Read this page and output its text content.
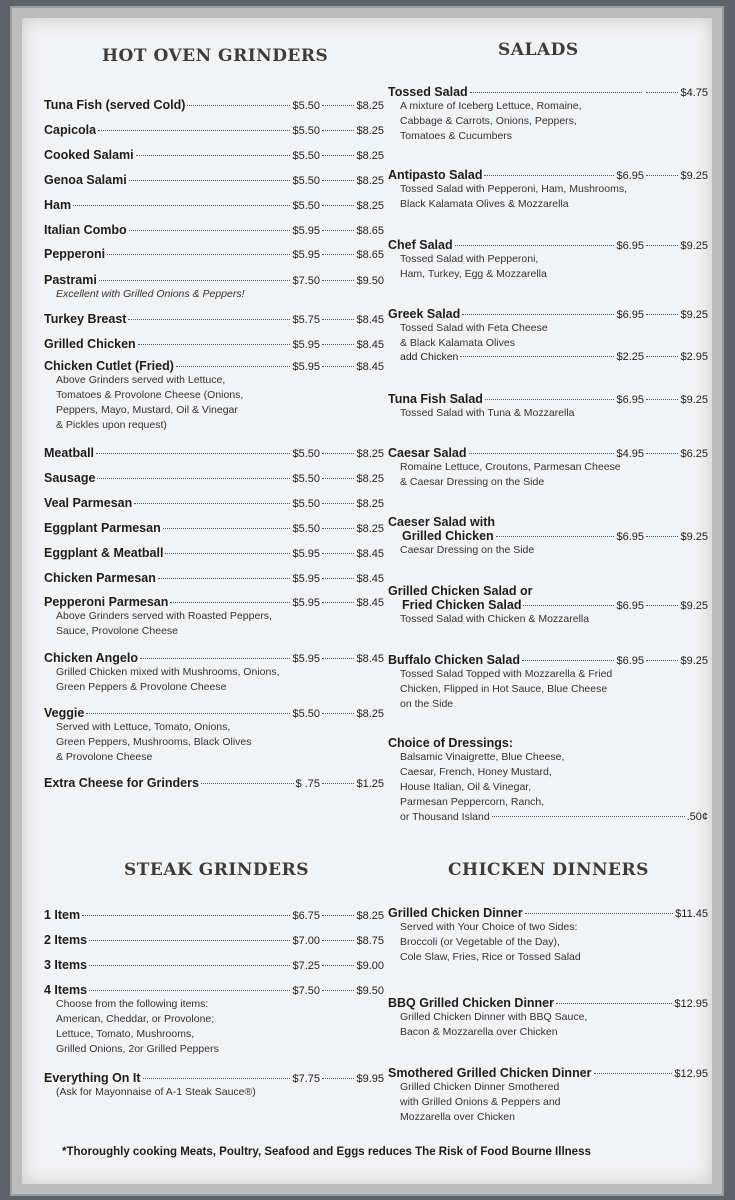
HOT OVEN GRINDERS
Tuna Fish (served Cold)	$5.50	$8.25
Capicola	$5.50	$8.25
Cooked Salami	$5.50	$8.25
Genoa Salami	$5.50	$8.25
Ham	$5.50	$8.25
Italian Combo	$5.95	$8.65
Pepperoni	$5.95	$8.65
Pastrami	$7.50	$9.50
Excellent with Grilled Onions & Peppers!
Turkey Breast	$5.75	$8.45
Grilled Chicken	$5.95	$8.45
Chicken Cutlet (Fried)	$5.95	$8.45
Above Grinders served with Lettuce,
Tomatoes & Provolone Cheese (Onions,
Peppers, Mayo, Mustard, Oil & Vinegar
& Pickles upon request)
Meatball	$5.50	$8.25
Sausage	$5.50	$8.25
Veal Parmesan	$5.50	$8.25
Eggplant Parmesan	$5.50	$8.25
Eggplant & Meatball	$5.95	$8.45
Chicken Parmesan	$5.95	$8.45
Pepperoni Parmesan	$5.95	$8.45
Above Grinders served with Roasted Peppers,
Sauce, Provolone Cheese
Chicken Angelo	$5.95	$8.45
Grilled Chicken mixed with Mushrooms, Onions,
Green Peppers & Provolone Cheese
Veggie	$5.50	$8.25
Served with Lettuce, Tomato, Onions,
Green Peppers, Mushrooms, Black Olives
& Provolone Cheese
Extra Cheese for Grinders	$ .75	$1.25
STEAK GRINDERS
1 Item	$6.75	$8.25
2 Items	$7.00	$8.75
3 Items	$7.25	$9.00
4 Items	$7.50	$9.50
Choose from the following items:
American, Cheddar, or Provolone;
Lettuce, Tomato, Mushrooms,
Grilled Onions, 2or Grilled Peppers
Everything On It	$7.75	$9.95
(Ask for Mayonnaise of A-1 Steak Sauce®)
SALADS
Tossed Salad	$4.75
A mixture of Iceberg Lettuce, Romaine,
Cabbage & Carrots, Onions, Peppers,
Tomatoes & Cucumbers
Antipasto Salad	$6.95	$9.25
Tossed Salad with Pepperoni, Ham, Mushrooms,
Black Kalamata Olives & Mozzarella
Chef Salad	$6.95	$9.25
Tossed Salad with Pepperoni,
Ham, Turkey, Egg & Mozzarella
Greek Salad	$6.95	$9.25
Tossed Salad with Feta Cheese
& Black Kalamata Olives
add Chicken	$2.25	$2.95
Tuna Fish Salad	$6.95	$9.25
Tossed Salad with Tuna & Mozzarella
Caesar Salad	$4.95	$6.25
Romaine Lettuce, Croutons, Parmesan Cheese
& Caesar Dressing on the Side
Caeser Salad with
Grilled Chicken	$6.95	$9.25
Caesar Dressing on the Side
Grilled Chicken Salad or
Fried Chicken Salad	$6.95	$9.25
Tossed Salad with Chicken & Mozzarella
Buffalo Chicken Salad	$6.95	$9.25
Tossed Salad Topped with Mozzarella & Fried
Chicken, Flipped in Hot Sauce, Blue Cheese
on the Side
Choice of Dressings:
Balsamic Vinaigrette, Blue Cheese,
Caesar, French, Honey Mustard,
House Italian, Oil & Vinegar,
Parmesan Peppercorn, Ranch,
or Thousand Island	.50¢
CHICKEN DINNERS
Grilled Chicken Dinner	$11.45
Served with Your Choice of two Sides:
Broccoli (or Vegetable of the Day),
Cole Slaw, Fries, Rice or Tossed Salad
BBQ Grilled Chicken Dinner	$12.95
Grilled Chicken Dinner with BBQ Sauce,
Bacon & Mozzarella over Chicken
Smothered Grilled Chicken Dinner	$12.95
Grilled Chicken Dinner Smothered
with Grilled Onions & Peppers and
Mozzarella over Chicken
*Thoroughly cooking Meats, Poultry, Seafood and Eggs reduces The Risk of Food Bourne Illness
